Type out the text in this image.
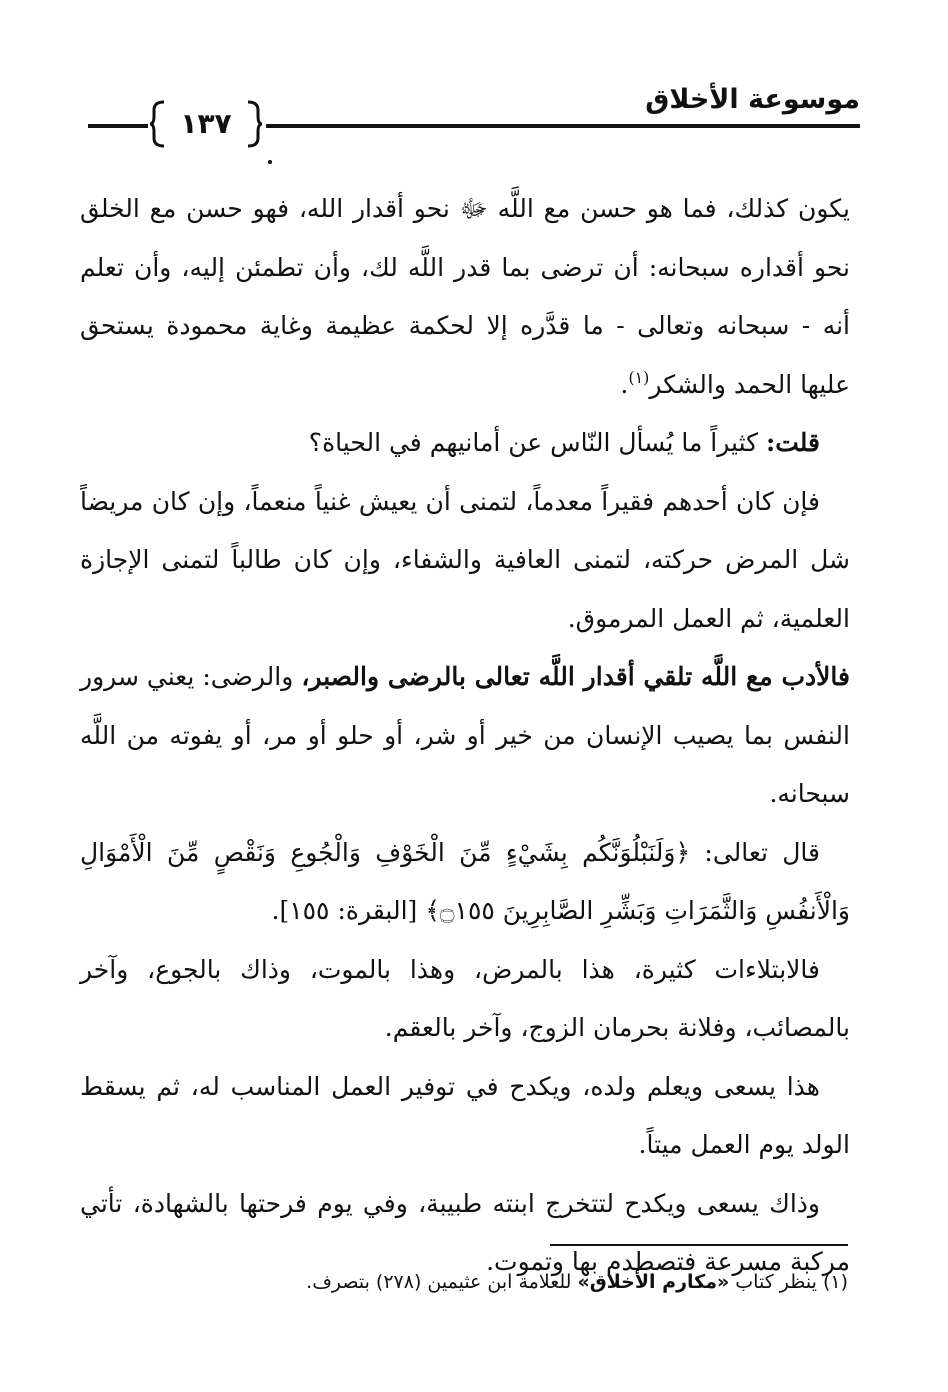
موسوعة الأخلاق
١٣٧

يكون كذلك، فما هو حسن مع اللَّه ﷻ نحو أقدار الله، فهو حسن مع الخلق نحو أقداره سبحانه: أن ترضى بما قدر اللَّه لك، وأن تطمئن إليه، وأن تعلم أنه - سبحانه وتعالى - ما قدَّره إلا لحكمة عظيمة وغاية محمودة يستحق عليها الحمد والشكر$^{(١)}$.

قلت: كثيراً ما يُسأل النّاس عن أمانيهم في الحياة؟

فإن كان أحدهم فقيراً معدماً، لتمنى أن يعيش غنياً منعماً، وإن كان مريضاً شل المرض حركته، لتمنى العافية والشفاء، وإن كان طالباً لتمنى الإجازة العلمية، ثم العمل المرموق.

فالأدب مع اللَّه تلقي أقدار اللَّه تعالى بالرضى والصبر، والرضى: يعني سرور النفس بما يصيب الإنسان من خير أو شر، أو حلو أو مر، أو يفوته من اللَّه سبحانه.

قال تعالى: ﴿وَلَنَبْلُوَنَّكُم بِشَيْءٍ مِّنَ الْخَوْفِ وَالْجُوعِ وَنَقْصٍ مِّنَ الْأَمْوَالِ وَالْأَنفُسِ وَالثَّمَرَاتِ وَبَشِّرِ الصَّابِرِينَ ۝١٥٥﴾ [البقرة: ١٥٥].

فالابتلاءات كثيرة، هذا بالمرض، وهذا بالموت، وذاك بالجوع، وآخر بالمصائب، وفلانة بحرمان الزوج، وآخر بالعقم.

هذا يسعى ويعلم ولده، ويكدح في توفير العمل المناسب له، ثم يسقط الولد يوم العمل ميتاً.

وذاك يسعى ويكدح لتتخرج ابنته طبيبة، وفي يوم فرحتها بالشهادة، تأتي مركبة مسرعة فتصطدم بها وتموت.

(١) ينظر كتاب «مكارم الأخلاق» للعلامة ابن عثيمين (٢٧٨) بتصرف.
